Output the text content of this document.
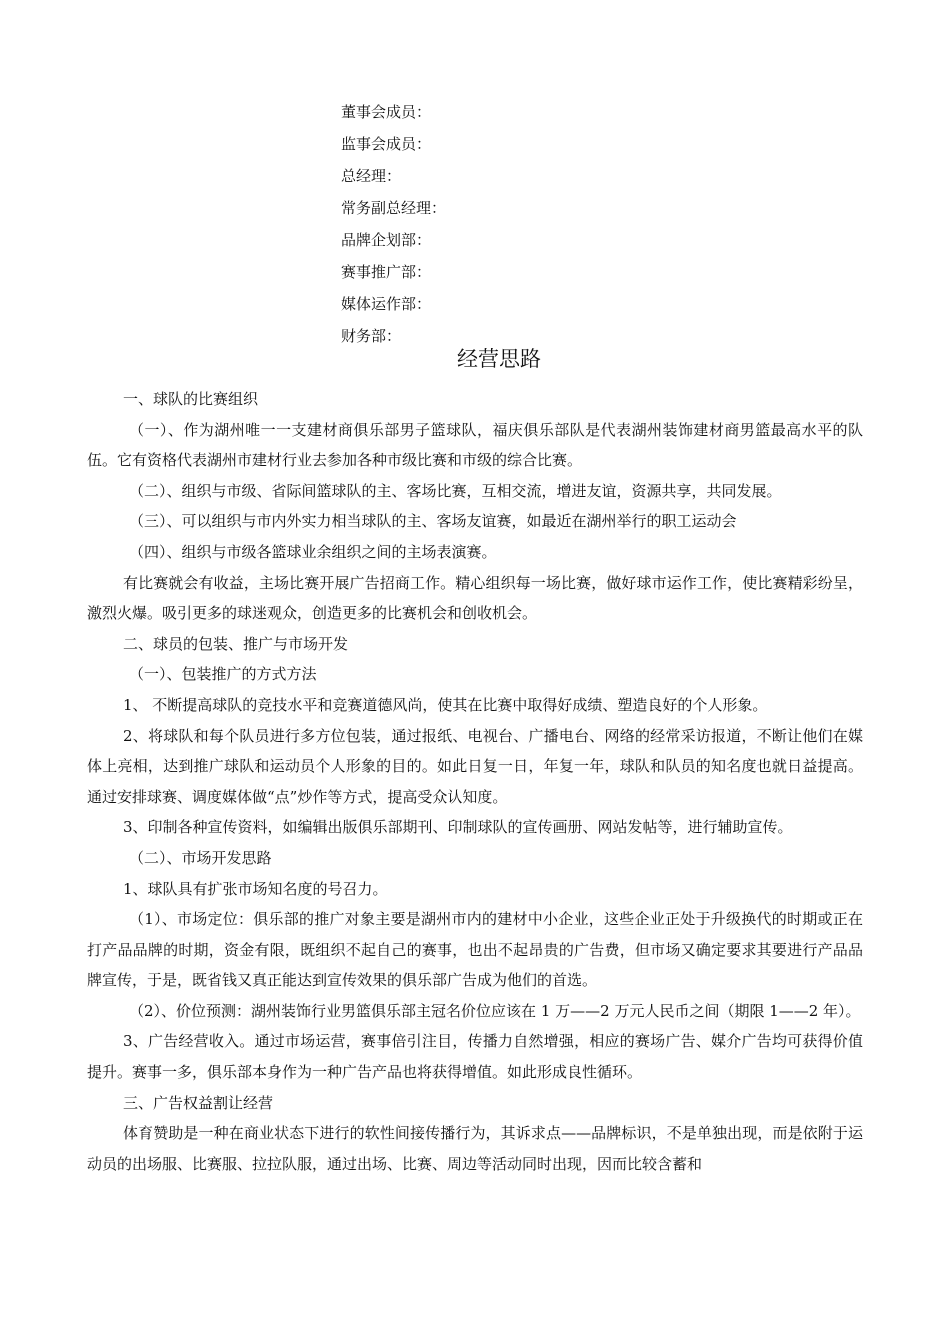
董事会成员：
监事会成员：
总经理：
常务副总经理：
品牌企划部：
赛事推广部：
媒体运作部：
财务部：
经营思路

一、球队的比赛组织

（一）、作为湖州唯一一支建材商俱乐部男子篮球队，福庆俱乐部队是代表湖州装饰建材商男篮最高水平的队伍。它有资格代表湖州市建材行业去参加各种市级比赛和市级的综合比赛。

（二）、组织与市级、省际间篮球队的主、客场比赛，互相交流，增进友谊，资源共享，共同发展。

（三）、可以组织与市内外实力相当球队的主、客场友谊赛，如最近在湖州举行的职工运动会

（四）、组织与市级各篮球业余组织之间的主场表演赛。

有比赛就会有收益，主场比赛开展广告招商工作。精心组织每一场比赛，做好球市运作工作，使比赛精彩纷呈，激烈火爆。吸引更多的球迷观众，创造更多的比赛机会和创收机会。

二、球员的包装、推广与市场开发

（一）、包装推广的方式方法

1、 不断提高球队的竞技水平和竞赛道德风尚，使其在比赛中取得好成绩、塑造良好的个人形象。

2、将球队和每个队员进行多方位包装，通过报纸、电视台、广播电台、网络的经常采访报道，不断让他们在媒体上亮相，达到推广球队和运动员个人形象的目的。如此日复一日，年复一年，球队和队员的知名度也就日益提高。通过安排球赛、调度媒体做“点”炒作等方式，提高受众认知度。

3、印制各种宣传资料，如编辑出版俱乐部期刊、印制球队的宣传画册、网站发帖等，进行辅助宣传。

（二）、市场开发思路

1、球队具有扩张市场知名度的号召力。

（1）、市场定位：俱乐部的推广对象主要是湖州市内的建材中小企业，这些企业正处于升级换代的时期或正在打产品品牌的时期，资金有限，既组织不起自己的赛事，也出不起昂贵的广告费，但市场又确定要求其要进行产品品牌宣传，于是，既省钱又真正能达到宣传效果的俱乐部广告成为他们的首选。

（2）、价位预测：湖州装饰行业男篮俱乐部主冠名价位应该在 1 万——2 万元人民币之间（期限 1——2 年）。

3、广告经营收入。通过市场运营，赛事倍引注目，传播力自然增强，相应的赛场广告、媒介广告均可获得价值提升。赛事一多，俱乐部本身作为一种广告产品也将获得增值。如此形成良性循环。

三、广告权益割让经营

体育赞助是一种在商业状态下进行的软性间接传播行为，其诉求点——品牌标识，不是单独出现，而是依附于运动员的出场服、比赛服、拉拉队服，通过出场、比赛、周边等活动同时出现，因而比较含蓄和
